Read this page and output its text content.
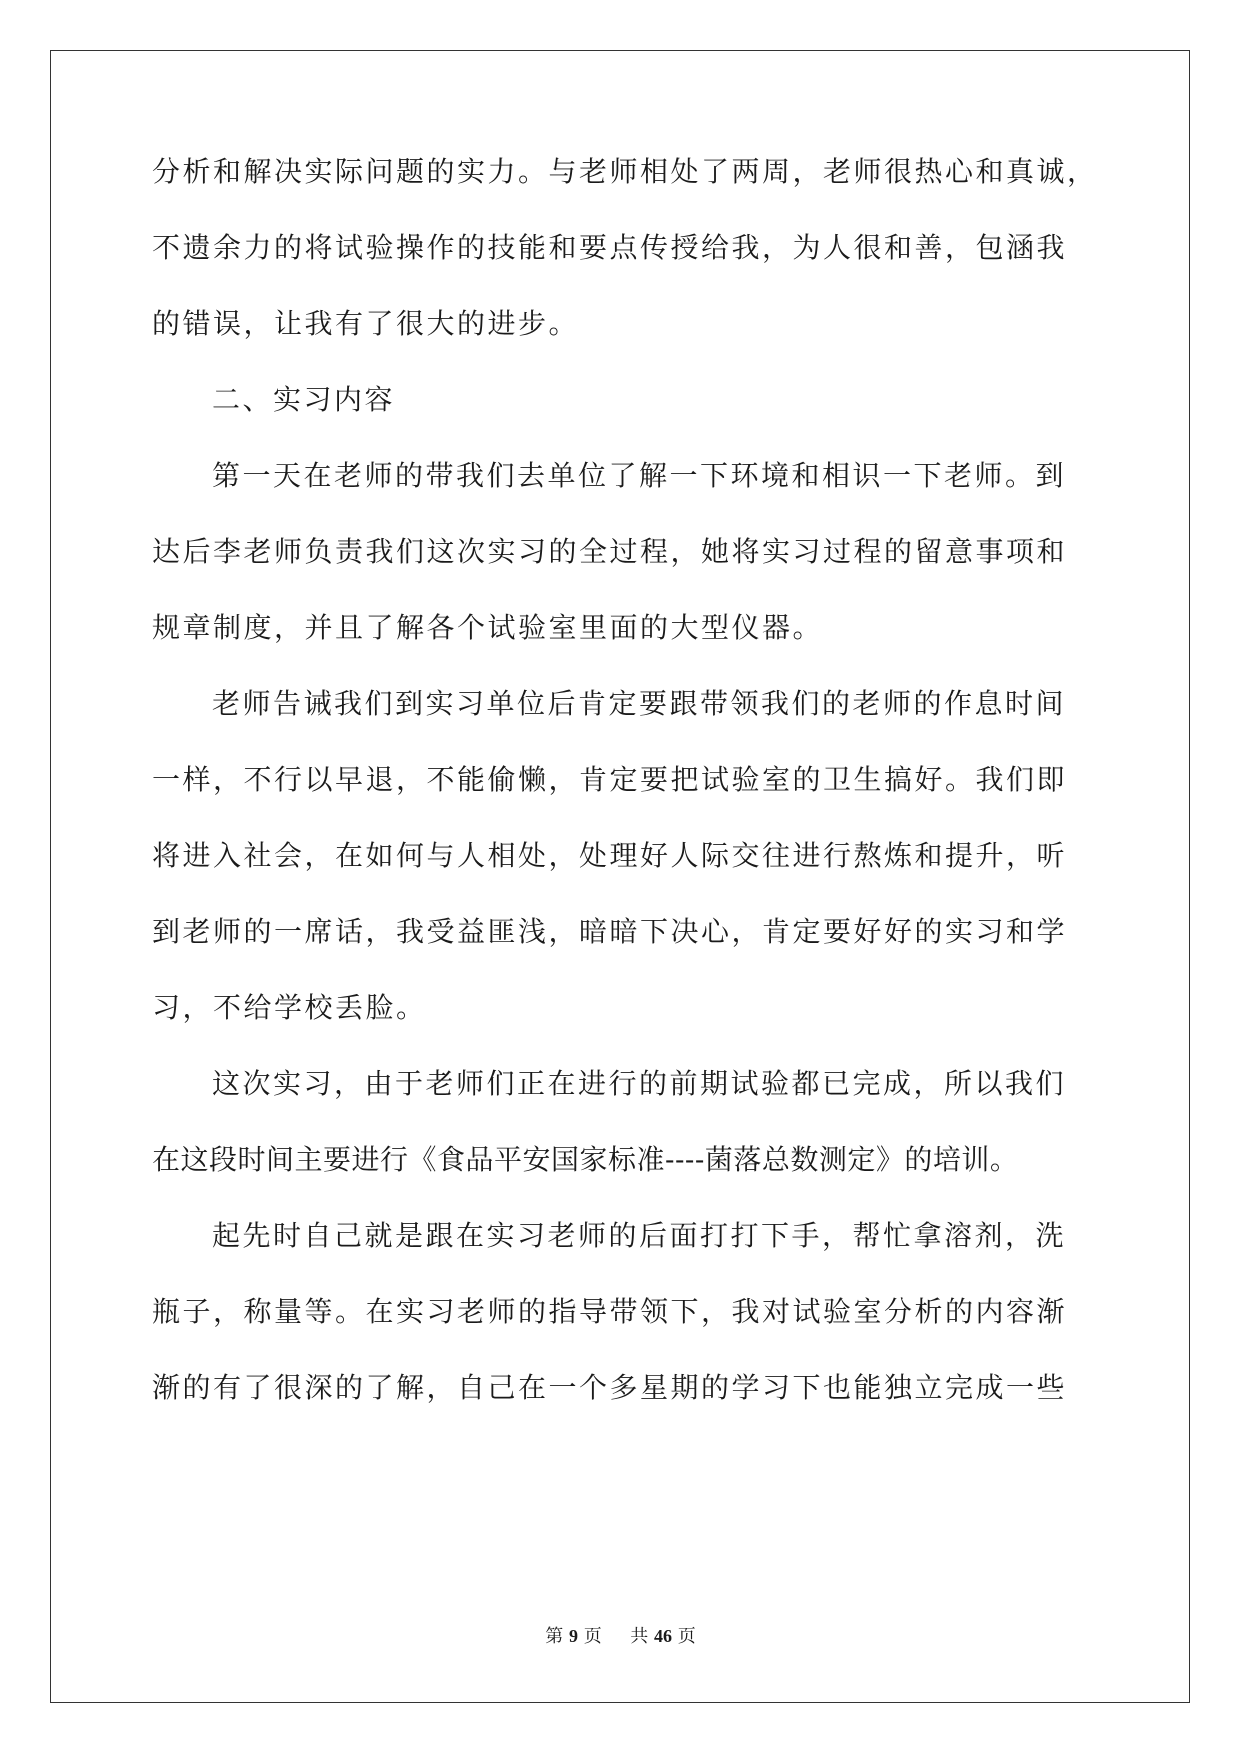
分析和解决实际问题的实力。与老师相处了两周，老师很热心和真诚，
不遗余力的将试验操作的技能和要点传授给我，为人很和善，包涵我
的错误，让我有了很大的进步。
二、实习内容
第一天在老师的带我们去单位了解一下环境和相识一下老师。到
达后李老师负责我们这次实习的全过程，她将实习过程的留意事项和
规章制度，并且了解各个试验室里面的大型仪器。
老师告诫我们到实习单位后肯定要跟带领我们的老师的作息时间
一样，不行以早退，不能偷懒，肯定要把试验室的卫生搞好。我们即
将进入社会，在如何与人相处，处理好人际交往进行熬炼和提升，听
到老师的一席话，我受益匪浅，暗暗下决心，肯定要好好的实习和学
习，不给学校丢脸。
这次实习，由于老师们正在进行的前期试验都已完成，所以我们
在这段时间主要进行《食品平安国家标准----菌落总数测定》的培训。
起先时自己就是跟在实习老师的后面打打下手，帮忙拿溶剂，洗
瓶子，称量等。在实习老师的指导带领下，我对试验室分析的内容渐
渐的有了很深的了解，自己在一个多星期的学习下也能独立完成一些
第 9 页 共 46 页
